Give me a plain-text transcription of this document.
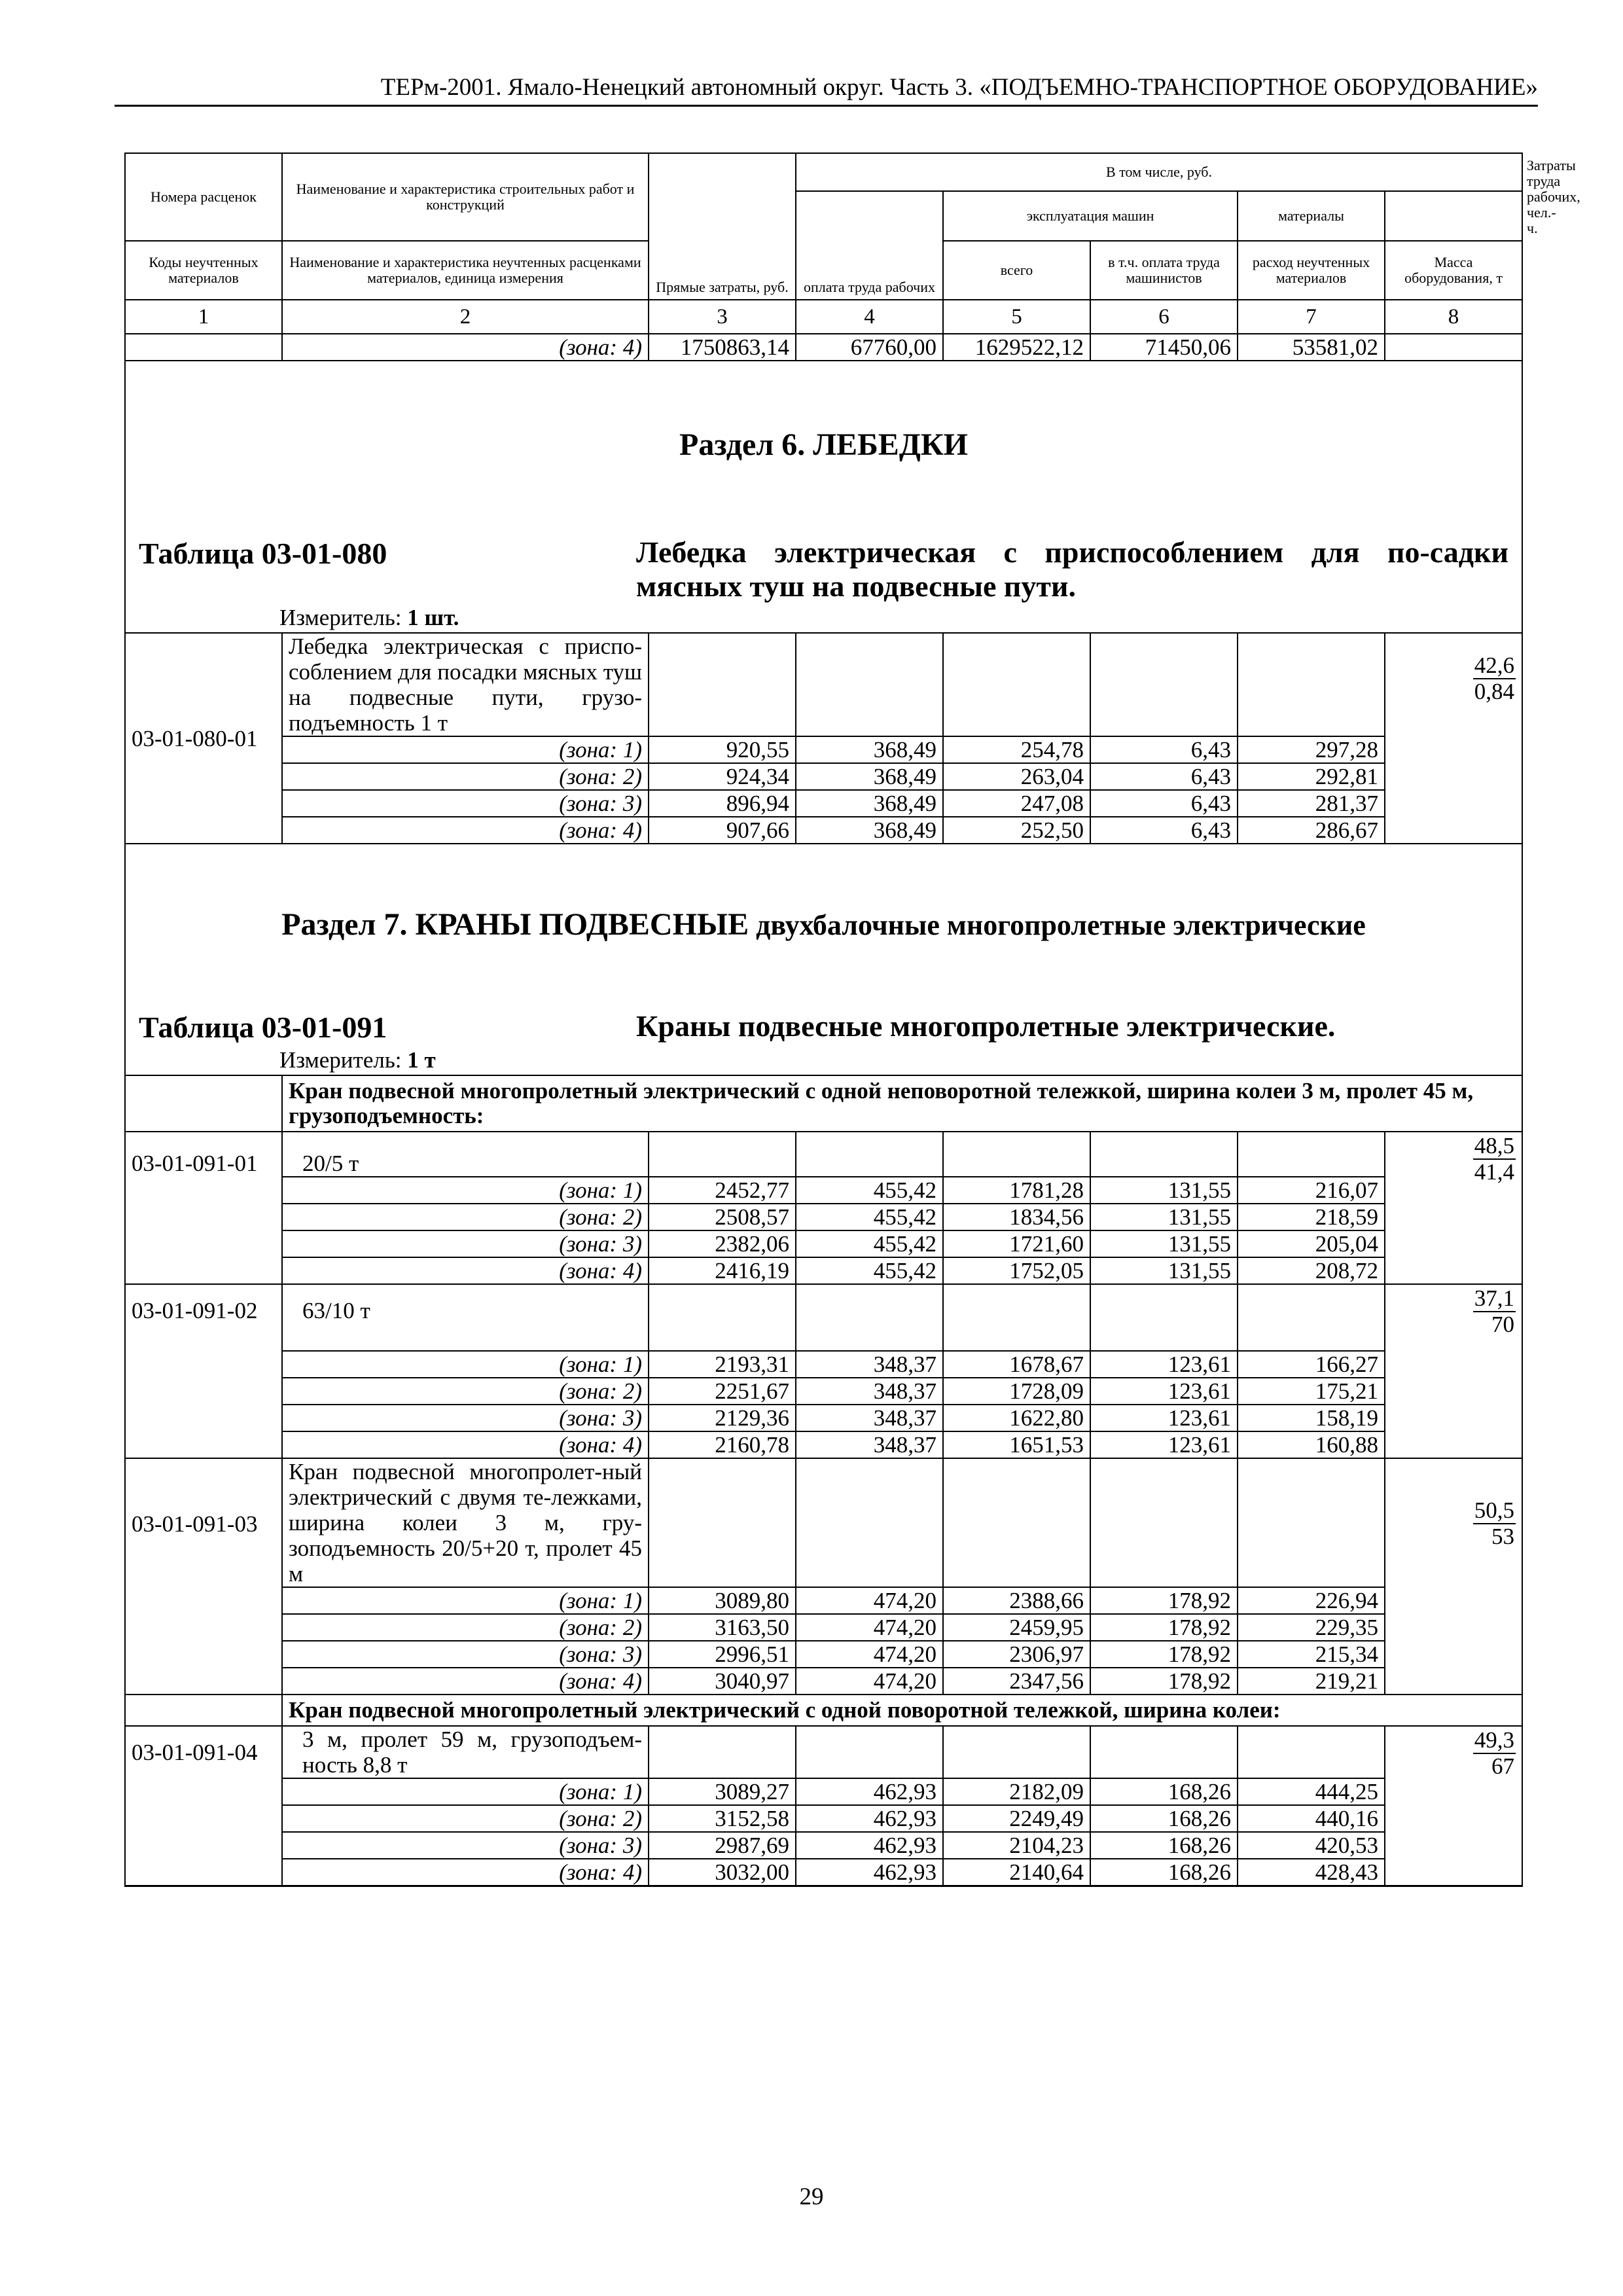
ТЕРм-2001. Ямало-Ненецкий автономный округ. Часть 3. «ПОДЪЕМНО-ТРАНСПОРТНОЕ ОБОРУДОВАНИЕ»
Номера расценок	Наименование и характеристика строительных работ и конструкций	Прямые затраты, руб.	В том числе, руб.					Затраты труда рабочих, чел.-ч.
			оплата труда рабочих	эксплуатация машин		материалы		
Коды неучтенных материалов	Наименование и характеристика неучтенных расценками материалов, единица измерения			всего	в т.ч. оплата труда машинистов	расход неучтенных материалов	Масса оборудования, т	
1	2	3	4	5	6	7	8	
	(зона: 4)	1750863,14	67760,00	1629522,12	71450,06	53581,02		

Раздел 6. ЛЕБЕДКИ
Таблица 03-01-080 Лебедка электрическая с приспособлением для по-садки мясных туш на подвесные пути.
Измеритель: 1 шт.								

03-01-080-01	Лебедка электрическая с приспо-соблением для посадки мясных туш на подвесные пути, грузо-подъемность 1 т						$\frac{42,6}{0,84}$

	(зона: 1)	920,55	368,49	254,78	6,43	297,28		
	(зона: 2)	924,34	368,49	263,04	6,43	292,81		
	(зона: 3)	896,94	368,49	247,08	6,43	281,37		
	(зона: 4)	907,66	368,49	252,50	6,43	286,67		

Раздел 7. КРАНЫ ПОДВЕСНЫЕ двухбалочные многопролетные электрические
Таблица 03-01-091 Краны подвесные многопролетные электрические.
Измеритель: 1 т								

	Кран подвесной многопролетный электрический с одной неповоротной тележкой, ширина колеи 3 м, пролет 45 м, грузоподъемность:							
03-01-091-01	20/5 т						$\frac{48,5}{41,4}$

	(зона: 1)	2452,77	455,42	1781,28	131,55	216,07		
	(зона: 2)	2508,57	455,42	1834,56	131,55	218,59		
	(зона: 3)	2382,06	455,42	1721,60	131,55	205,04		
	(зона: 4)	2416,19	455,42	1752,05	131,55	208,72		
03-01-091-02	63/10 т						$\frac{37,1}{70}$

	(зона: 1)	2193,31	348,37	1678,67	123,61	166,27		
	(зона: 2)	2251,67	348,37	1728,09	123,61	175,21		
	(зона: 3)	2129,36	348,37	1622,80	123,61	158,19		
	(зона: 4)	2160,78	348,37	1651,53	123,61	160,88		
03-01-091-03	Кран подвесной многопролет-ный электрический с двумя те-лежками, ширина колеи 3 м, гру-зоподъемность 20/5+20 т, пролет 45 м						$\frac{50,5}{53}$

	(зона: 1)	3089,80	474,20	2388,66	178,92	226,94		
	(зона: 2)	3163,50	474,20	2459,95	178,92	229,35		
	(зона: 3)	2996,51	474,20	2306,97	178,92	215,34		
	(зона: 4)	3040,97	474,20	2347,56	178,92	219,21		
	Кран подвесной многопролетный электрический с одной поворотной тележкой, ширина колеи:							
03-01-091-04	3 м, пролет 59 м, грузоподъем-ность 8,8 т						$\frac{49,3}{67}$

	(зона: 1)	3089,27	462,93	2182,09	168,26	444,25		
	(зона: 2)	3152,58	462,93	2249,49	168,26	440,16		
	(зона: 3)	2987,69	462,93	2104,23	168,26	420,53		
	(зона: 4)	3032,00	462,93	2140,64	168,26	428,43		
29
